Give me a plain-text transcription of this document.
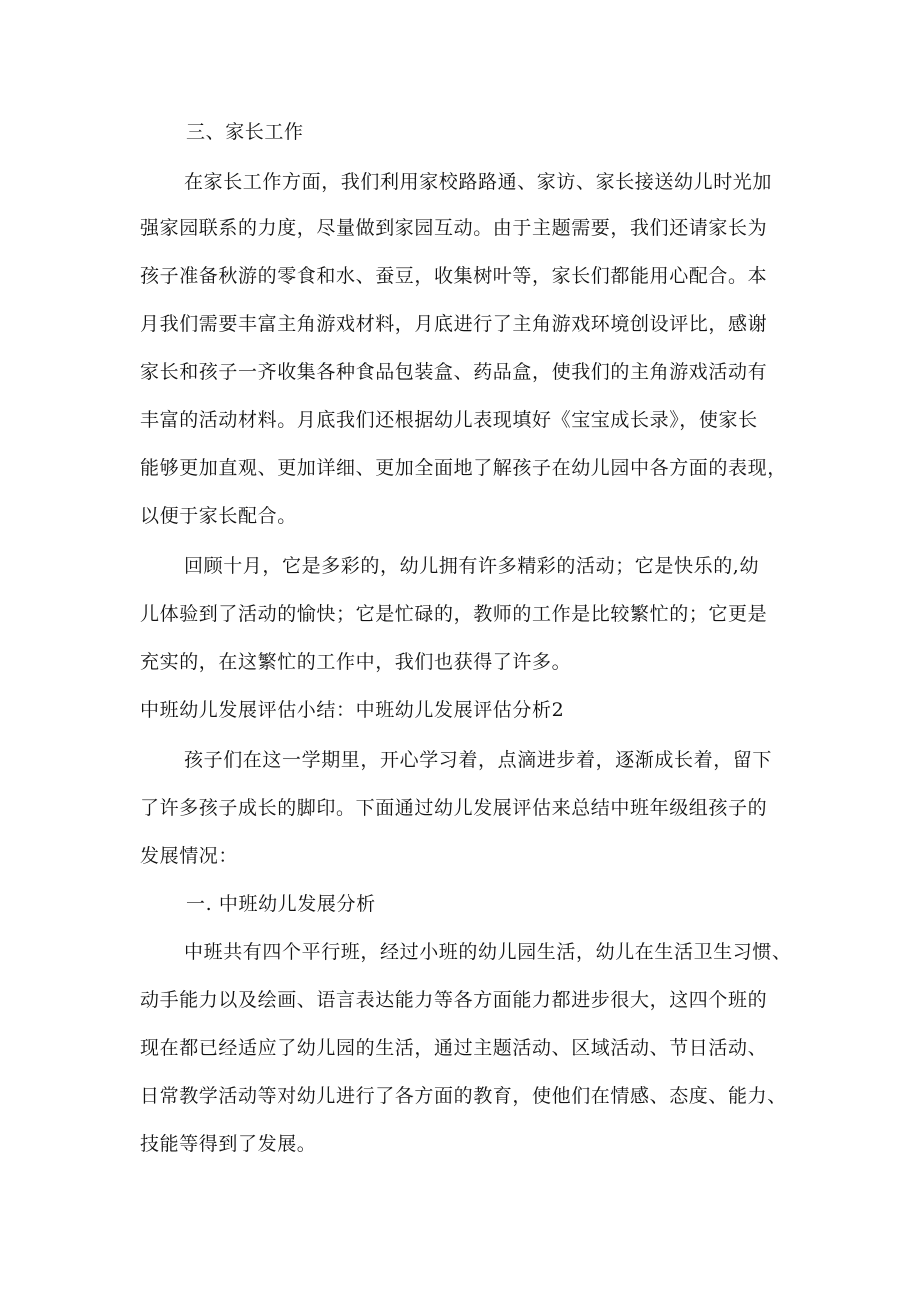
三、家长工作
在家长工作方面，我们利用家校路路通、家访、家长接送幼儿时光加
强家园联系的力度，尽量做到家园互动。由于主题需要，我们还请家长为
孩子准备秋游的零食和水、蚕豆，收集树叶等，家长们都能用心配合。本
月我们需要丰富主角游戏材料，月底进行了主角游戏环境创设评比，感谢
家长和孩子一齐收集各种食品包装盒、药品盒，使我们的主角游戏活动有
丰富的活动材料。月底我们还根据幼儿表现填好《宝宝成长录》，使家长
能够更加直观、更加详细、更加全面地了解孩子在幼儿园中各方面的表现，
以便于家长配合。
回顾十月，它是多彩的，幼儿拥有许多精彩的活动；它是快乐的,幼
儿体验到了活动的愉快；它是忙碌的，教师的工作是比较繁忙的；它更是
充实的，在这繁忙的工作中，我们也获得了许多。
中班幼儿发展评估小结：中班幼儿发展评估分析2
孩子们在这一学期里，开心学习着，点滴进步着，逐渐成长着，留下
了许多孩子成长的脚印。下面通过幼儿发展评估来总结中班年级组孩子的
发展情况：
一. 中班幼儿发展分析
中班共有四个平行班，经过小班的幼儿园生活，幼儿在生活卫生习惯、
动手能力以及绘画、语言表达能力等各方面能力都进步很大，这四个班的
现在都已经适应了幼儿园的生活，通过主题活动、区域活动、节日活动、
日常教学活动等对幼儿进行了各方面的教育，使他们在情感、态度、能力、
技能等得到了发展。
